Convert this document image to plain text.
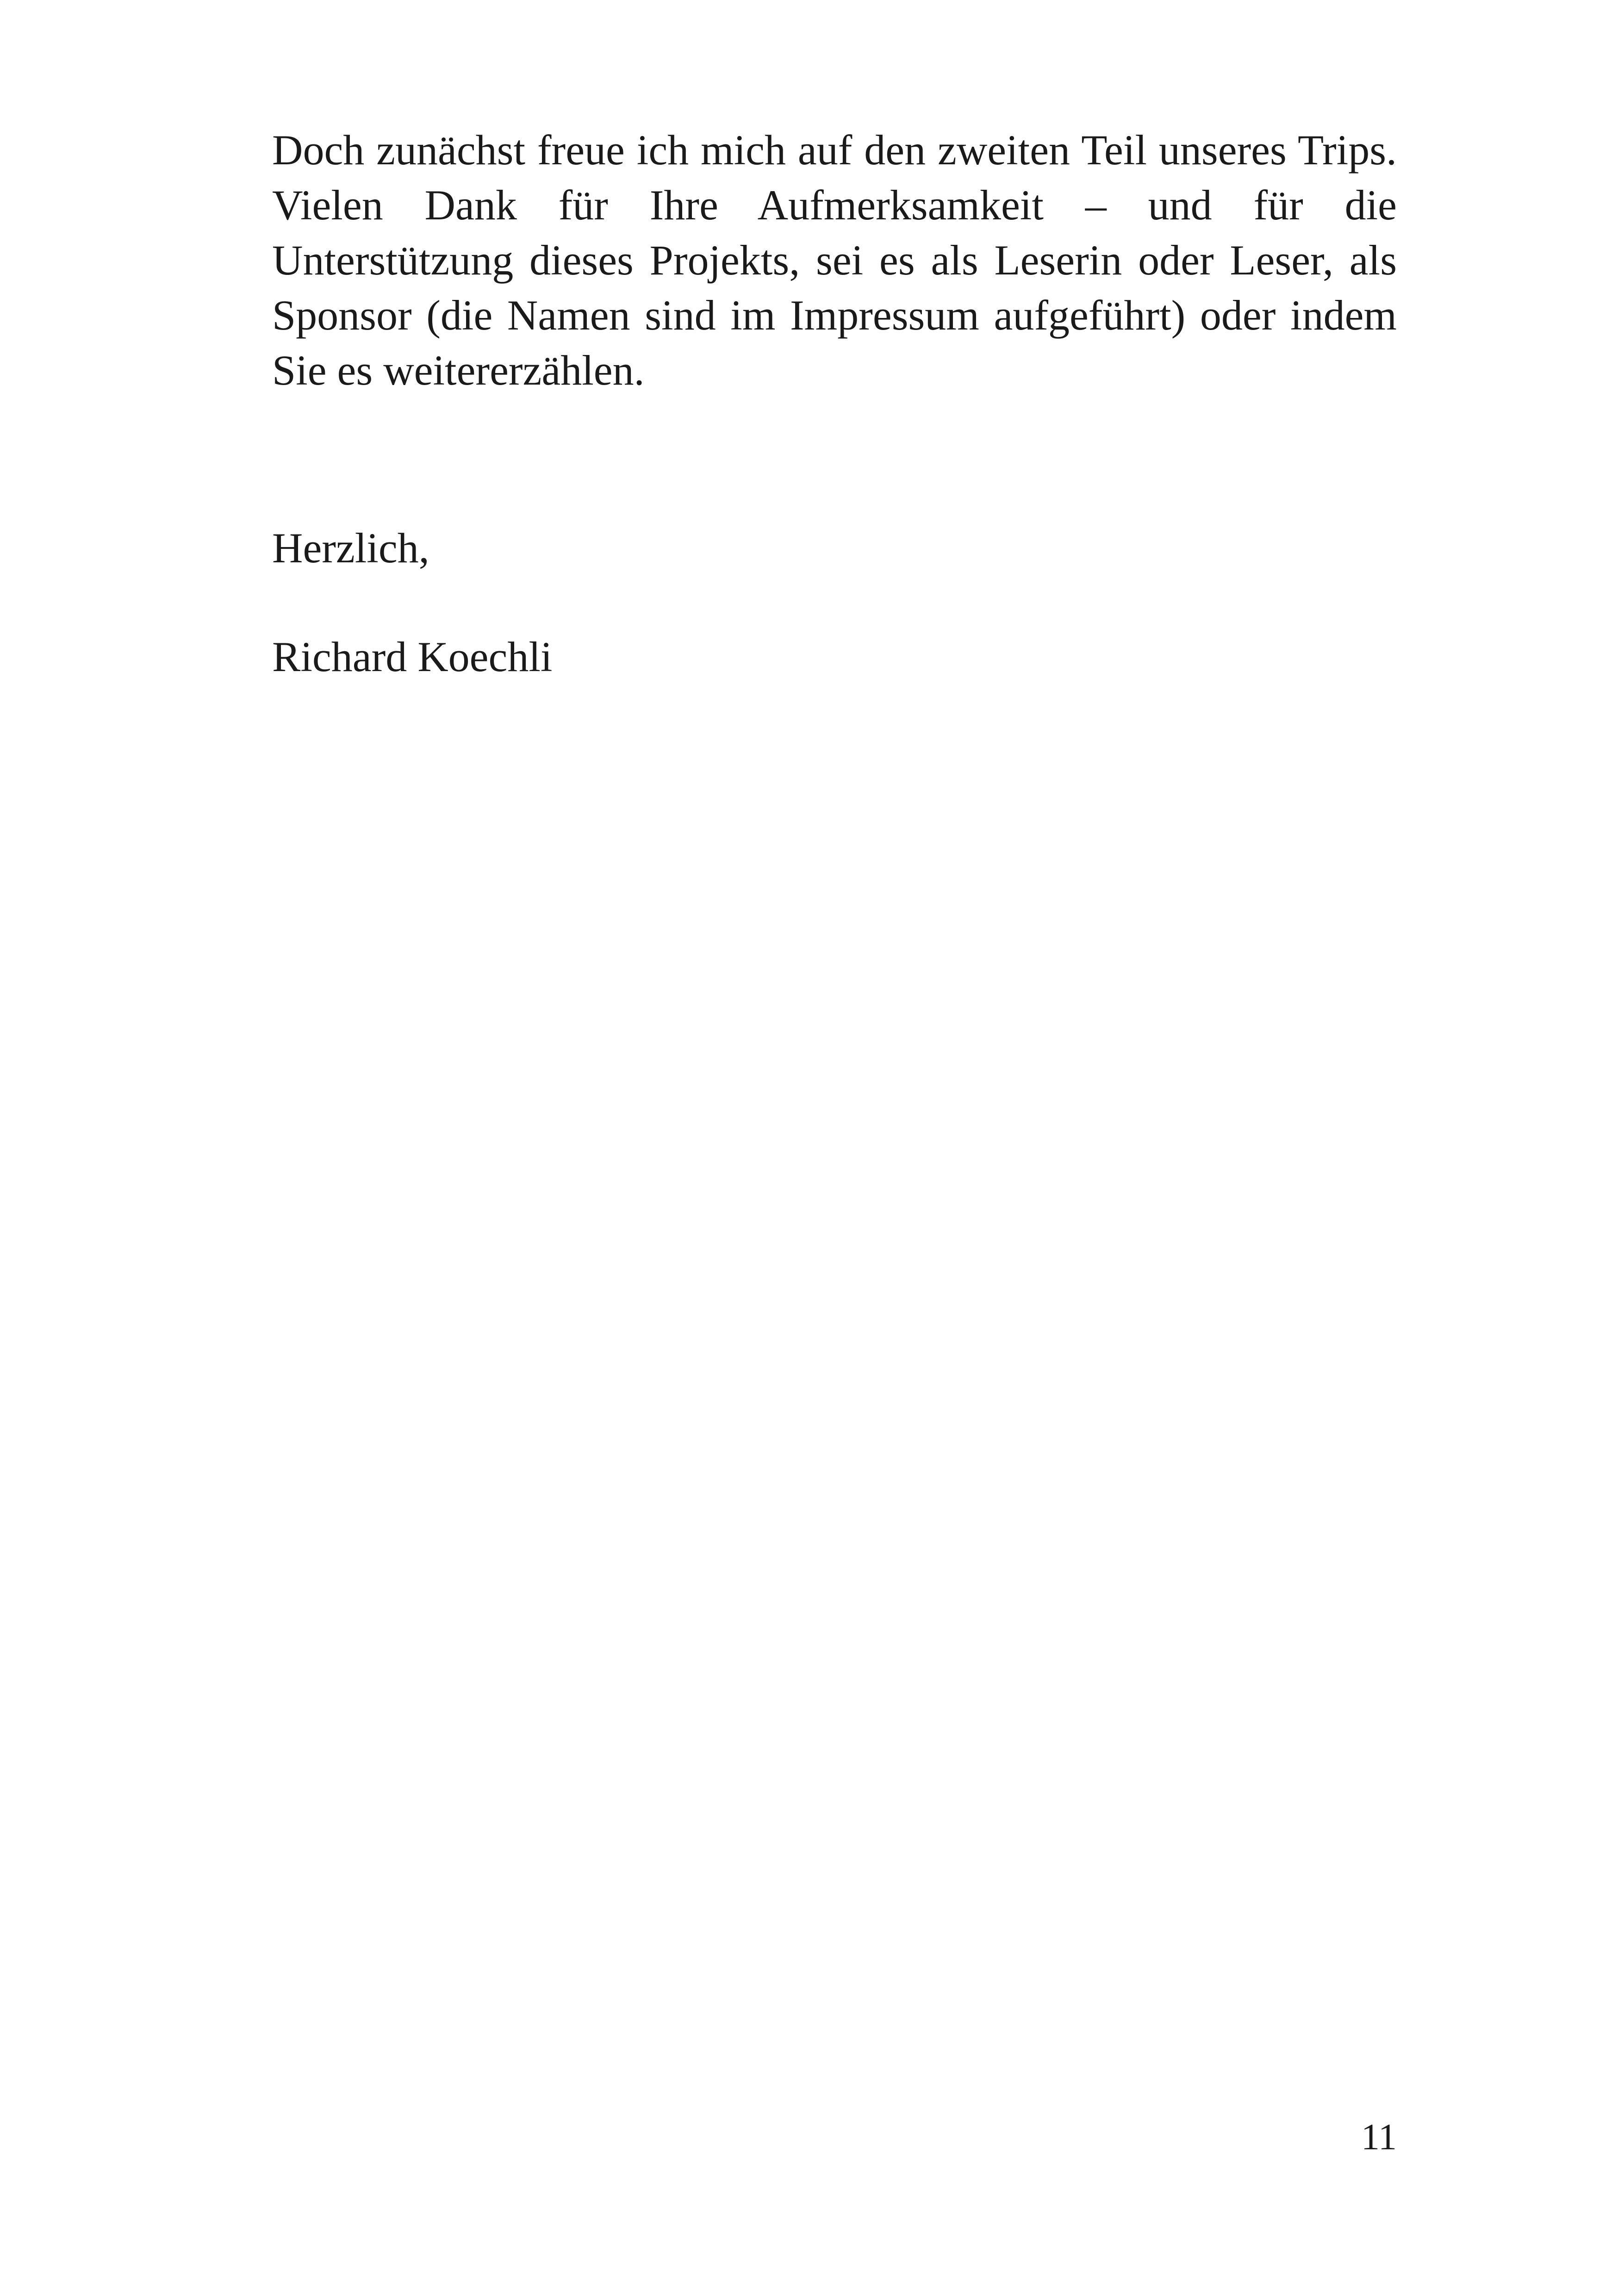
Doch zunächst freue ich mich auf den zweiten Teil unseres Trips. Vielen Dank für Ihre Aufmerksamkeit – und für die Unterstützung dieses Projekts, sei es als Leserin oder Leser, als Sponsor (die Namen sind im Impressum aufgeführt) oder indem Sie es weitererzählen.

Herzlich,

Richard Koechli

11
